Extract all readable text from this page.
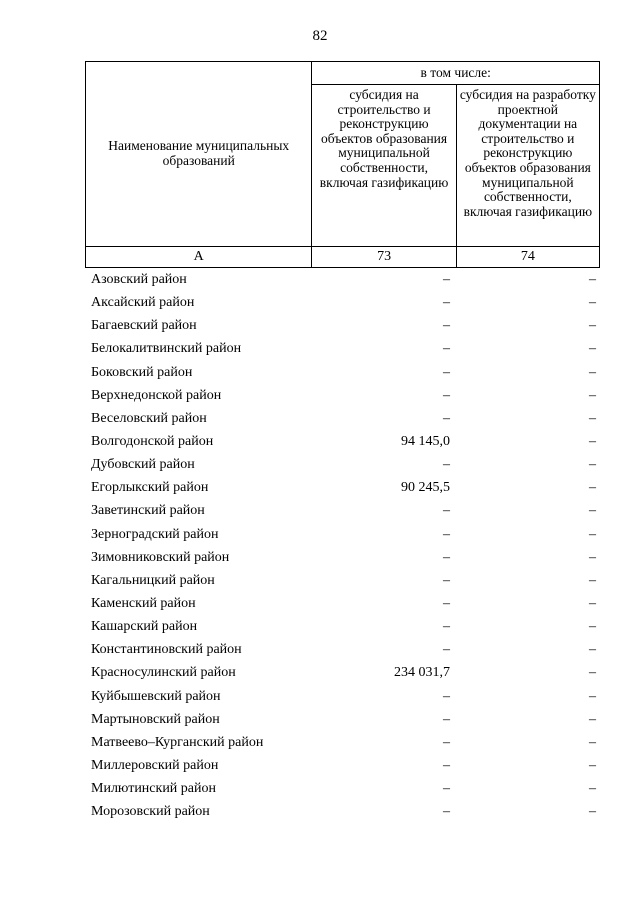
82
Наименование муниципальных образований	в том числе:	
	субсидия на строительство и реконструкцию объектов образования муниципальной собственности, включая газификацию	субсидия на разработку проектной документации на строительство и реконструкцию объектов образования муниципальной собственности, включая газификацию
А	73	74
Азовский район	–	–
Аксайский район	–	–
Багаевский район	–	–
Белокалитвинский район	–	–
Боковский район	–	–
Верхнедонской район	–	–
Веселовский район	–	–
Волгодонской район	94 145,0	–
Дубовский район	–	–
Егорлыкский район	90 245,5	–
Заветинский район	–	–
Зерноградский район	–	–
Зимовниковский район	–	–
Кагальницкий район	–	–
Каменский район	–	–
Кашарский район	–	–
Константиновский район	–	–
Красносулинский район	234 031,7	–
Куйбышевский район	–	–
Мартыновский район	–	–
Матвеево–Курганский район	–	–
Миллеровский район	–	–
Милютинский район	–	–
Морозовский район	–	–
